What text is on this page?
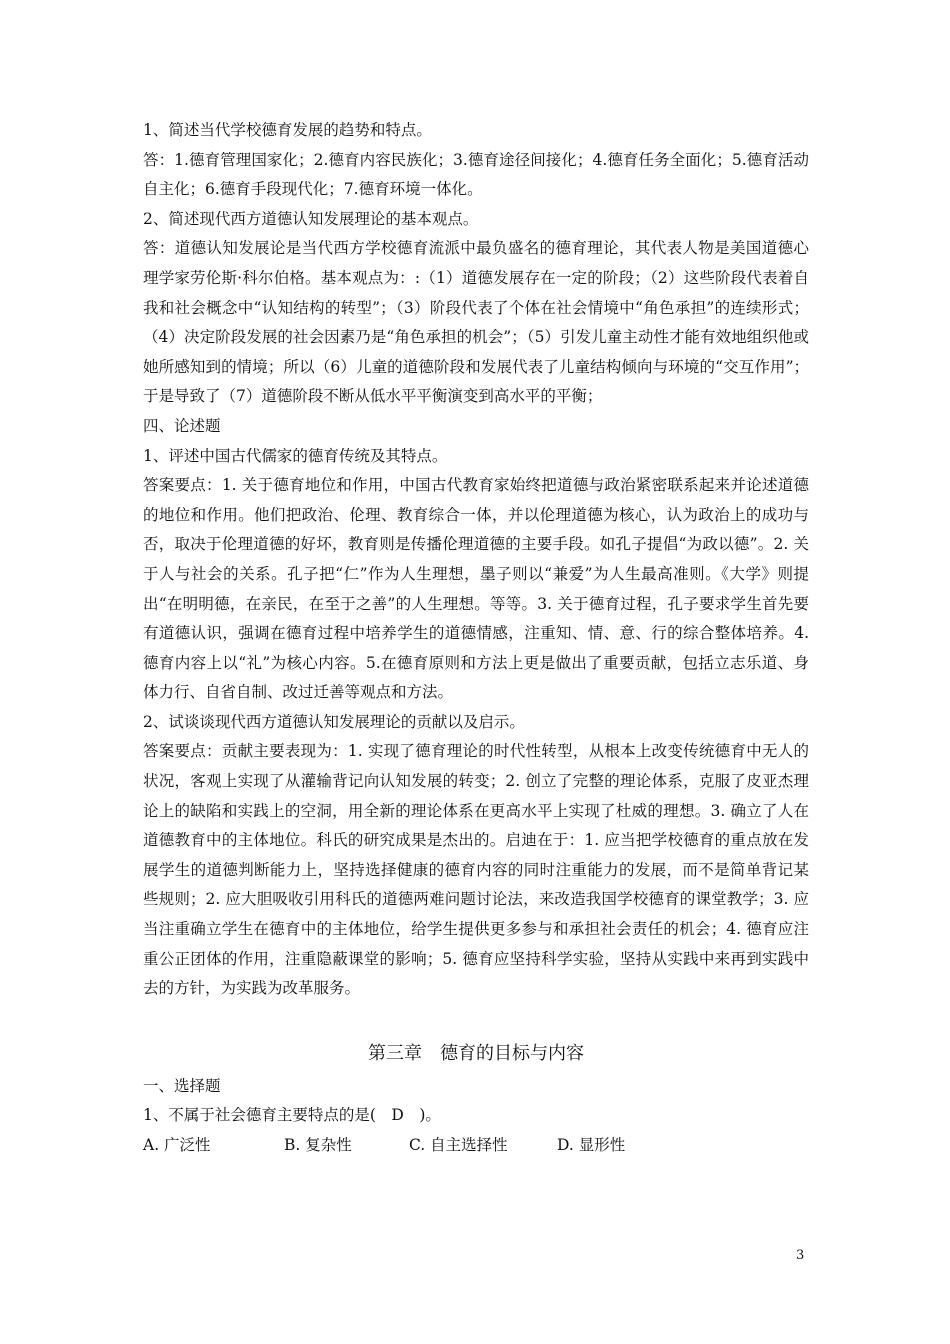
1、简述当代学校德育发展的趋势和特点。

答：1.德育管理国家化；2.德育内容民族化；3.德育途径间接化；4.德育任务全面化；5.德育活动自主化；6.德育手段现代化；7.德育环境一体化。

2、简述现代西方道德认知发展理论的基本观点。

答：道德认知发展论是当代西方学校德育流派中最负盛名的德育理论，其代表人物是美国道德心理学家劳伦斯·科尔伯格。基本观点为：:（1）道德发展存在一定的阶段；（2）这些阶段代表着自我和社会概念中“认知结构的转型”；（3）阶段代表了个体在社会情境中“角色承担”的连续形式；（4）决定阶段发展的社会因素乃是“角色承担的机会”；（5）引发儿童主动性才能有效地组织他或她所感知到的情境；所以（6）儿童的道德阶段和发展代表了儿童结构倾向与环境的“交互作用”；于是导致了（7）道德阶段不断从低水平平衡演变到高水平的平衡；

四、论述题

1、评述中国古代儒家的德育传统及其特点。

答案要点：1. 关于德育地位和作用，中国古代教育家始终把道德与政治紧密联系起来并论述道德的地位和作用。他们把政治、伦理、教育综合一体，并以伦理道德为核心，认为政治上的成功与否，取决于伦理道德的好坏，教育则是传播伦理道德的主要手段。如孔子提倡“为政以德”。2. 关于人与社会的关系。孔子把“仁”作为人生理想，墨子则以“兼爱”为人生最高准则。《大学》则提出“在明明德，在亲民，在至于之善”的人生理想。等等。3. 关于德育过程，孔子要求学生首先要有道德认识，强调在德育过程中培养学生的道德情感，注重知、情、意、行的综合整体培养。4. 德育内容上以“礼”为核心内容。5.在德育原则和方法上更是做出了重要贡献，包括立志乐道、身体力行、自省自制、改过迁善等观点和方法。

2、试谈谈现代西方道德认知发展理论的贡献以及启示。

答案要点：贡献主要表现为：1. 实现了德育理论的时代性转型，从根本上改变传统德育中无人的状况，客观上实现了从灌输背记向认知发展的转变；2. 创立了完整的理论体系，克服了皮亚杰理论上的缺陷和实践上的空洞，用全新的理论体系在更高水平上实现了杜威的理想。3. 确立了人在道德教育中的主体地位。科氏的研究成果是杰出的。启迪在于：1. 应当把学校德育的重点放在发展学生的道德判断能力上，坚持选择健康的德育内容的同时注重能力的发展，而不是简单背记某些规则；2. 应大胆吸收引用科氏的道德两难问题讨论法，来改造我国学校德育的课堂教学；3. 应当注重确立学生在德育中的主体地位，给学生提供更多参与和承担社会责任的机会；4. 德育应注重公正团体的作用，注重隐蔽课堂的影响；5. 德育应坚持科学实验，坚持从实践中来再到实践中去的方针，为实践为改革服务。

第三章　德育的目标与内容

一、选择题

1、不属于社会德育主要特点的是(　D　)。

A. 广泛性	B. 复杂性	C. 自主选择性	D. 显形性
3
